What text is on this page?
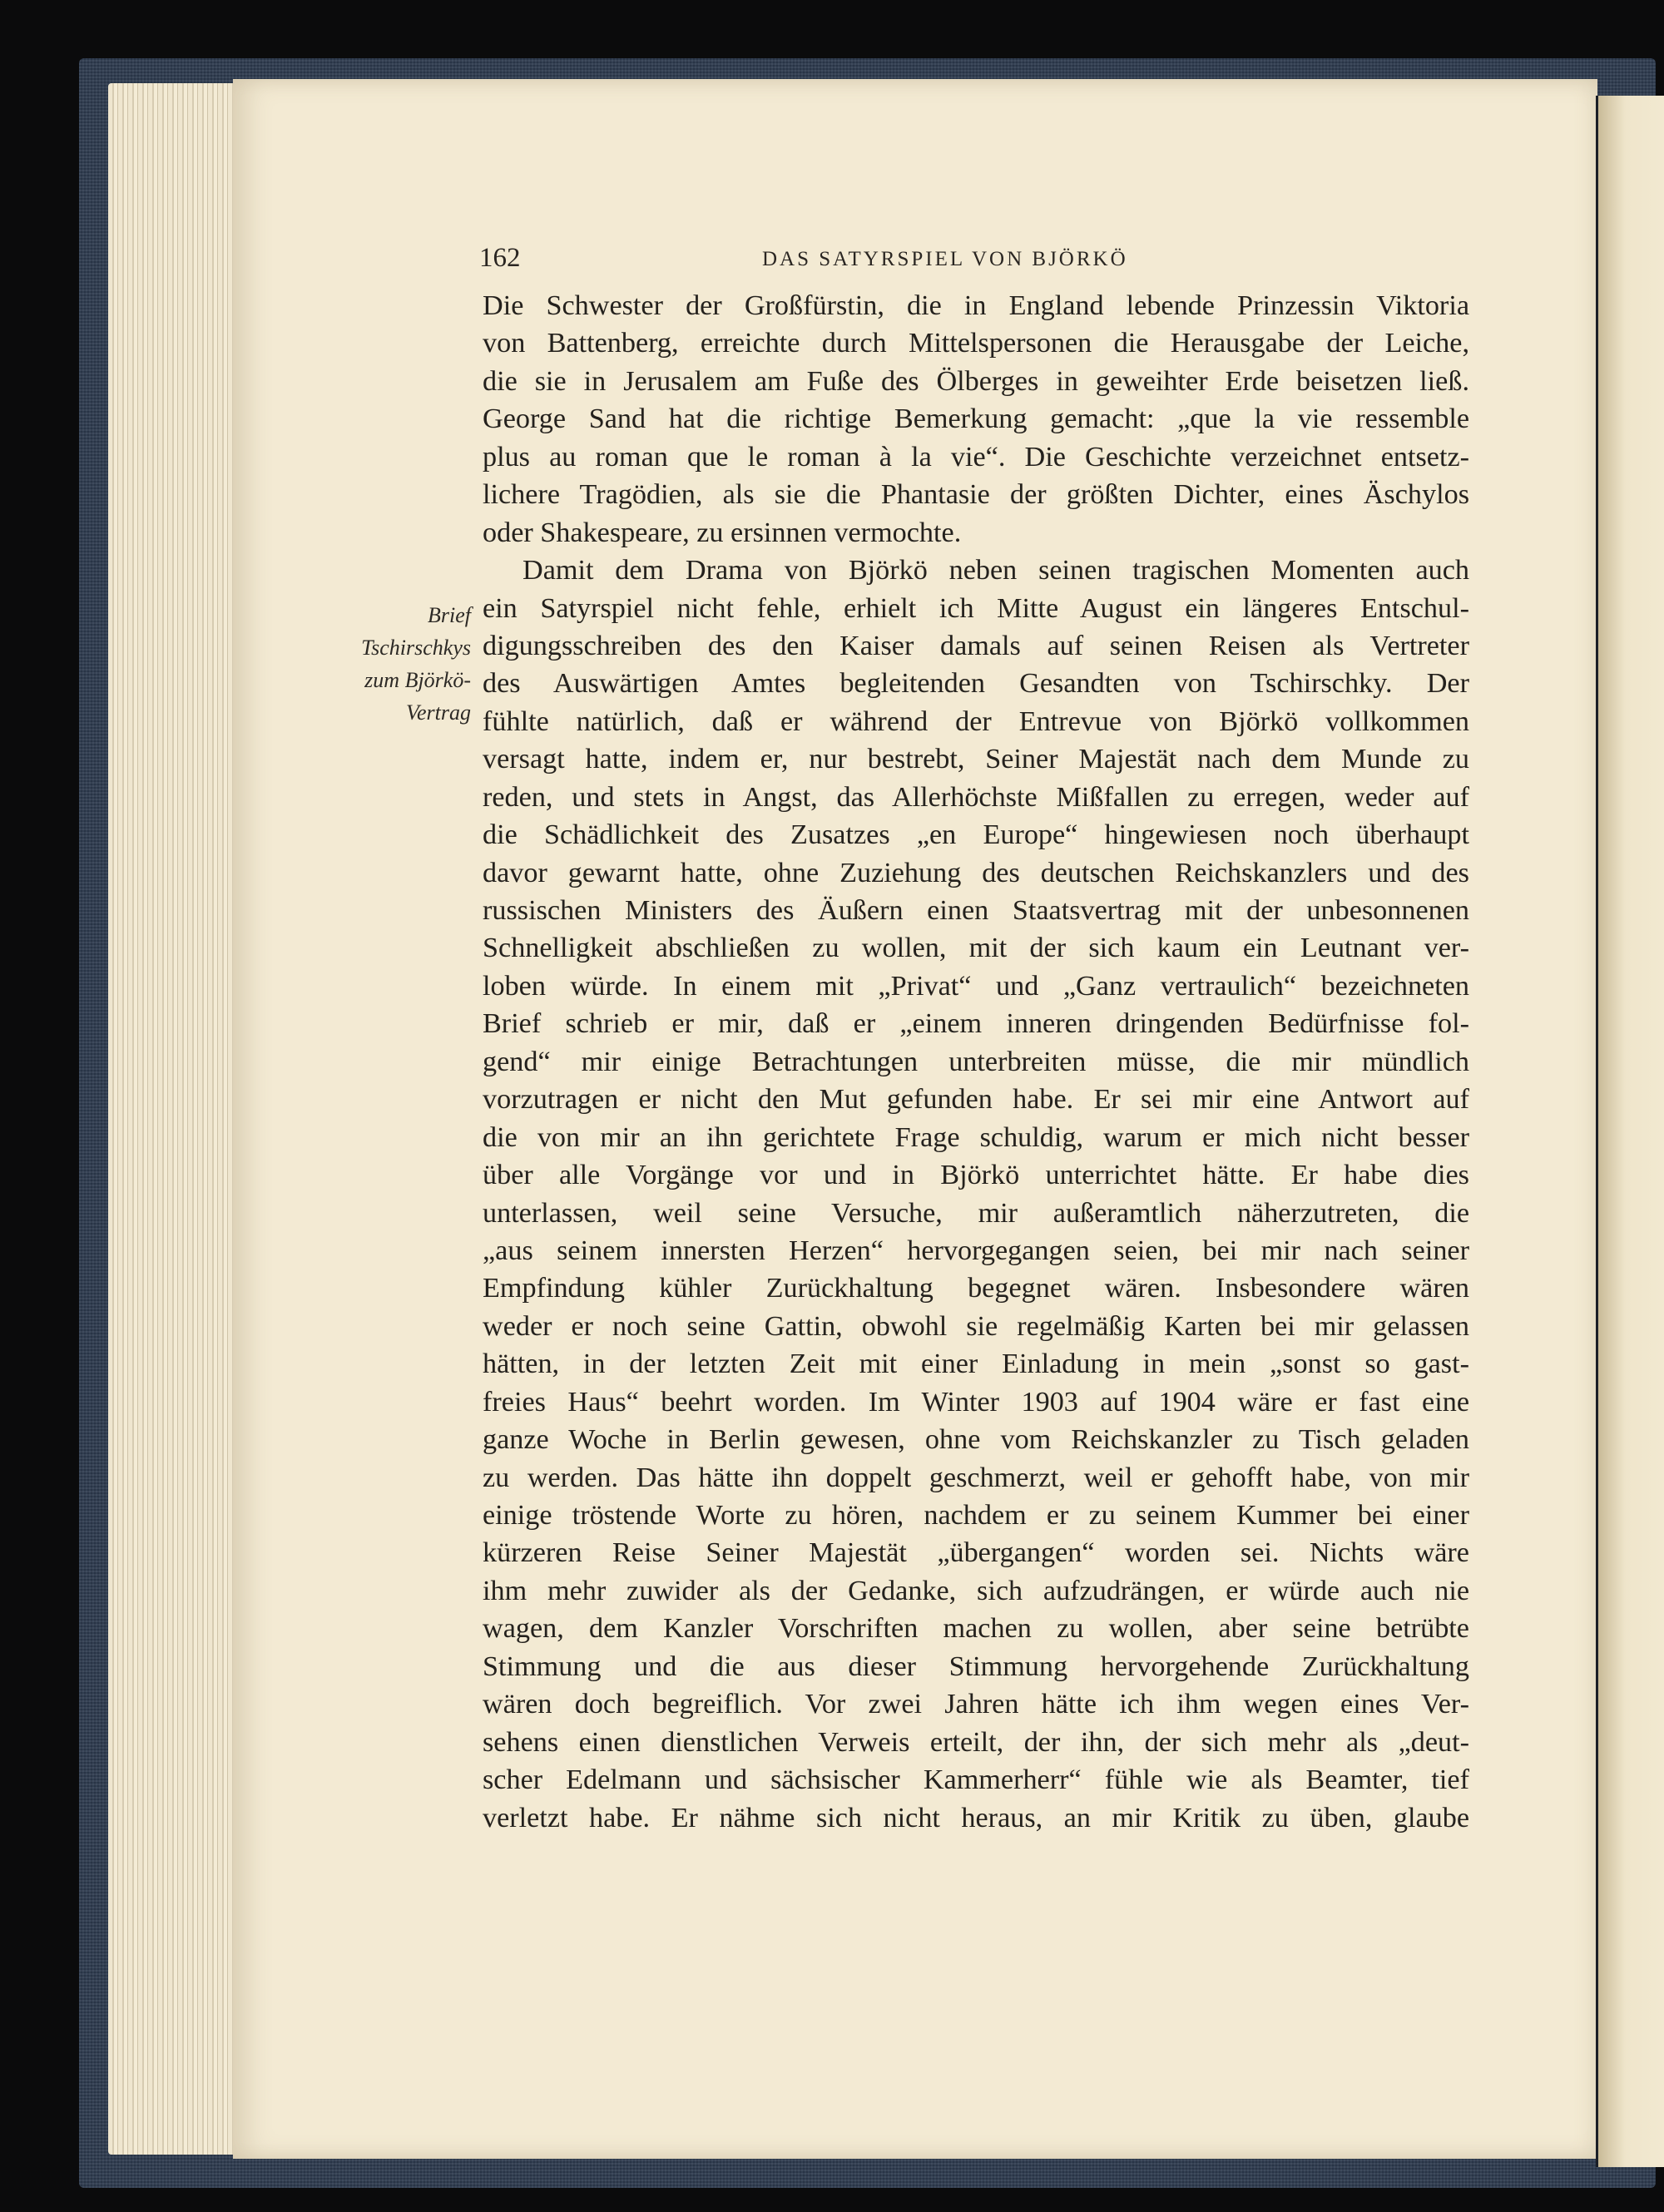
162	DAS SATYRSPIEL VON BJÖRKÖ
Brief
Tschirschkys
zum Björkö-
Vertrag
Die Schwester der Großfürstin, die in England lebende Prinzessin Viktoria
von Battenberg, erreichte durch Mittelspersonen die Herausgabe der Leiche,
die sie in Jerusalem am Fuße des Ölberges in geweihter Erde beisetzen ließ.
George Sand hat die richtige Bemerkung gemacht: „que la vie ressemble
plus au roman que le roman à la vie“. Die Geschichte verzeichnet entsetz-
lichere Tragödien, als sie die Phantasie der größten Dichter, eines Äschylos
oder Shakespeare, zu ersinnen vermochte.
Damit dem Drama von Björkö neben seinen tragischen Momenten auch
ein Satyrspiel nicht fehle, erhielt ich Mitte August ein längeres Entschul-
digungsschreiben des den Kaiser damals auf seinen Reisen als Vertreter
des Auswärtigen Amtes begleitenden Gesandten von Tschirschky. Der
fühlte natürlich, daß er während der Entrevue von Björkö vollkommen
versagt hatte, indem er, nur bestrebt, Seiner Majestät nach dem Munde zu
reden, und stets in Angst, das Allerhöchste Mißfallen zu erregen, weder auf
die Schädlichkeit des Zusatzes „en Europe“ hingewiesen noch überhaupt
davor gewarnt hatte, ohne Zuziehung des deutschen Reichskanzlers und des
russischen Ministers des Äußern einen Staatsvertrag mit der unbesonnenen
Schnelligkeit abschließen zu wollen, mit der sich kaum ein Leutnant ver-
loben würde. In einem mit „Privat“ und „Ganz vertraulich“ bezeichneten
Brief schrieb er mir, daß er „einem inneren dringenden Bedürfnisse fol-
gend“ mir einige Betrachtungen unterbreiten müsse, die mir mündlich
vorzutragen er nicht den Mut gefunden habe. Er sei mir eine Antwort auf
die von mir an ihn gerichtete Frage schuldig, warum er mich nicht besser
über alle Vorgänge vor und in Björkö unterrichtet hätte. Er habe dies
unterlassen, weil seine Versuche, mir außeramtlich näherzutreten, die
„aus seinem innersten Herzen“ hervorgegangen seien, bei mir nach seiner
Empfindung kühler Zurückhaltung begegnet wären. Insbesondere wären
weder er noch seine Gattin, obwohl sie regelmäßig Karten bei mir gelassen
hätten, in der letzten Zeit mit einer Einladung in mein „sonst so gast-
freies Haus“ beehrt worden. Im Winter 1903 auf 1904 wäre er fast eine
ganze Woche in Berlin gewesen, ohne vom Reichskanzler zu Tisch geladen
zu werden. Das hätte ihn doppelt geschmerzt, weil er gehofft habe, von mir
einige tröstende Worte zu hören, nachdem er zu seinem Kummer bei einer
kürzeren Reise Seiner Majestät „übergangen“ worden sei. Nichts wäre
ihm mehr zuwider als der Gedanke, sich aufzudrängen, er würde auch nie
wagen, dem Kanzler Vorschriften machen zu wollen, aber seine betrübte
Stimmung und die aus dieser Stimmung hervorgehende Zurückhaltung
wären doch begreiflich. Vor zwei Jahren hätte ich ihm wegen eines Ver-
sehens einen dienstlichen Verweis erteilt, der ihn, der sich mehr als „deut-
scher Edelmann und sächsischer Kammerherr“ fühle wie als Beamter, tief
verletzt habe. Er nähme sich nicht heraus, an mir Kritik zu üben, glaube
